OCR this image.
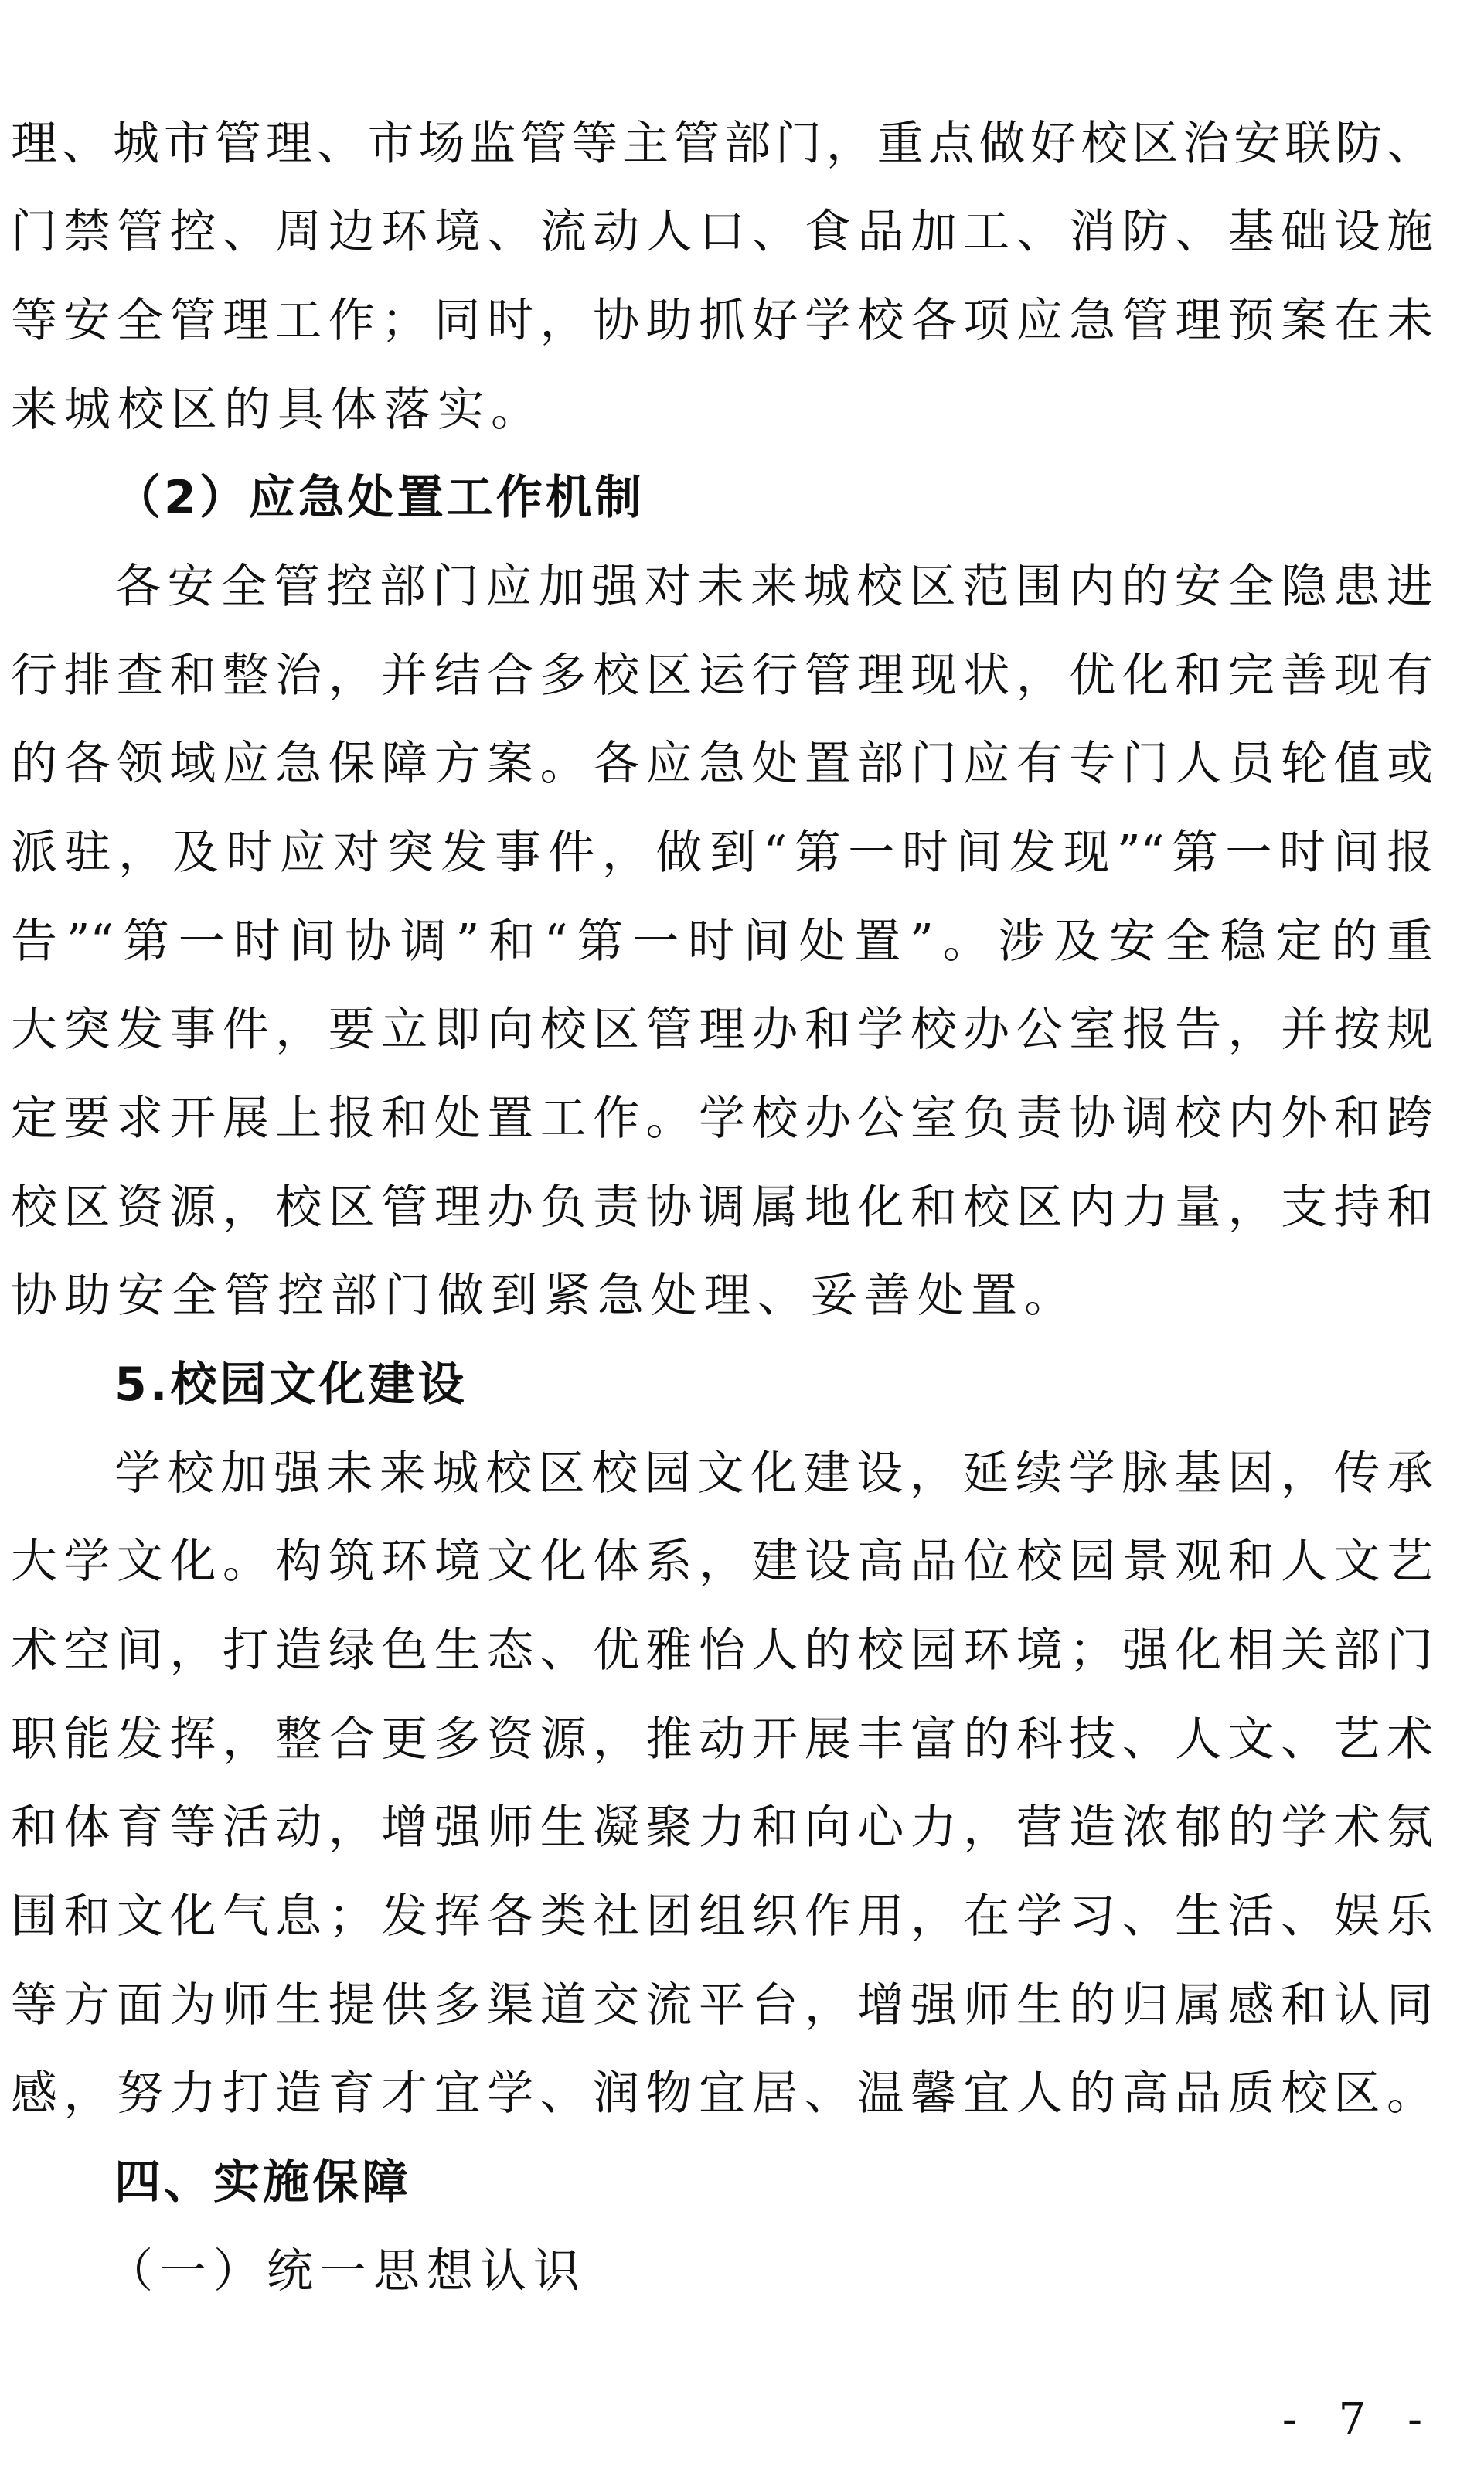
理、城市管理、市场监管等主管部门，重点做好校区治安联防、
门禁管控、周边环境、流动人口、食品加工、消防、基础设施
等安全管理工作；同时，协助抓好学校各项应急管理预案在未
来城校区的具体落实。
（2）应急处置工作机制
各安全管控部门应加强对未来城校区范围内的安全隐患进
行排查和整治，并结合多校区运行管理现状，优化和完善现有
的各领域应急保障方案。各应急处置部门应有专门人员轮值或
派驻，及时应对突发事件，做到“第一时间发现”“第一时间报
告”“第一时间协调”和“第一时间处置”。涉及安全稳定的重
大突发事件，要立即向校区管理办和学校办公室报告，并按规
定要求开展上报和处置工作。学校办公室负责协调校内外和跨
校区资源，校区管理办负责协调属地化和校区内力量，支持和
协助安全管控部门做到紧急处理、妥善处置。
5.校园文化建设
学校加强未来城校区校园文化建设，延续学脉基因，传承
大学文化。构筑环境文化体系，建设高品位校园景观和人文艺
术空间，打造绿色生态、优雅怡人的校园环境；强化相关部门
职能发挥，整合更多资源，推动开展丰富的科技、人文、艺术
和体育等活动，增强师生凝聚力和向心力，营造浓郁的学术氛
围和文化气息；发挥各类社团组织作用，在学习、生活、娱乐
等方面为师生提供多渠道交流平台，增强师生的归属感和认同
感，努力打造育才宜学、润物宜居、温馨宜人的高品质校区。
四、实施保障
（一）统一思想认识
- 7 -
